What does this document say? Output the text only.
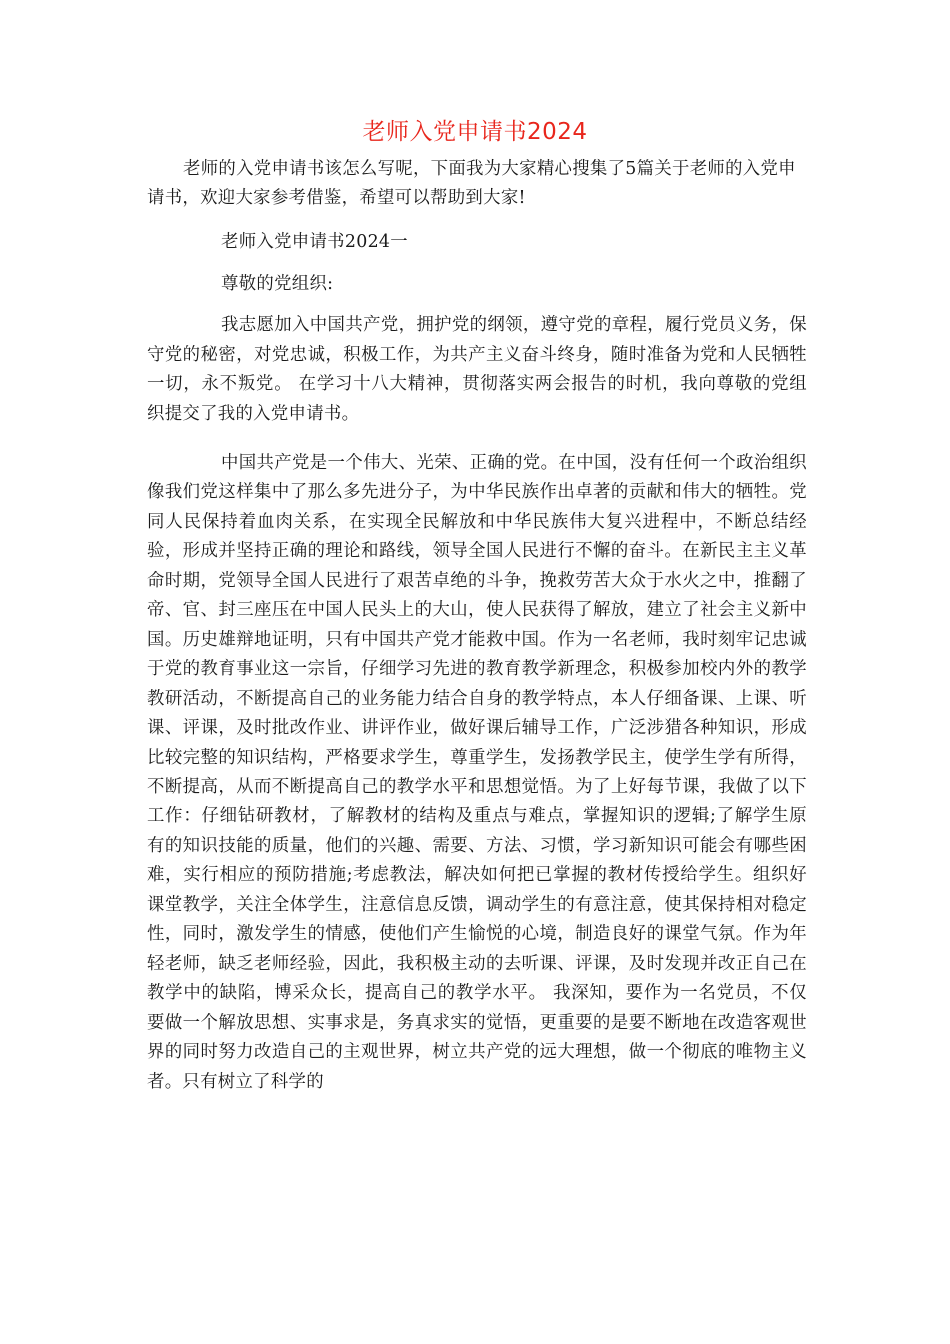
老师入党申请书2024
老师的入党申请书该怎么写呢，下面我为大家精心搜集了5篇关于老师的入党申请书，欢迎大家参考借鉴，希望可以帮助到大家!
老师入党申请书2024一
尊敬的党组织:
我志愿加入中国共产党，拥护党的纲领，遵守党的章程，履行党员义务，保守党的秘密，对党忠诚，积极工作，为共产主义奋斗终身，随时准备为党和人民牺牲一切，永不叛党。 在学习十八大精神，贯彻落实两会报告的时机，我向尊敬的党组织提交了我的入党申请书。
中国共产党是一个伟大、光荣、正确的党。在中国，没有任何一个政治组织像我们党这样集中了那么多先进分子，为中华民族作出卓著的贡献和伟大的牺牲。党同人民保持着血肉关系，在实现全民解放和中华民族伟大复兴进程中，不断总结经验，形成并坚持正确的理论和路线，领导全国人民进行不懈的奋斗。在新民主主义革命时期，党领导全国人民进行了艰苦卓绝的斗争，挽救劳苦大众于水火之中，推翻了帝、官、封三座压在中国人民头上的大山，使人民获得了解放，建立了社会主义新中国。历史雄辩地证明，只有中国共产党才能救中国。作为一名老师，我时刻牢记忠诚于党的教育事业这一宗旨，仔细学习先进的教育教学新理念，积极参加校内外的教学教研活动，不断提高自己的业务能力结合自身的教学特点，本人仔细备课、上课、听课、评课，及时批改作业、讲评作业，做好课后辅导工作，广泛涉猎各种知识，形成比较完整的知识结构，严格要求学生，尊重学生，发扬教学民主，使学生学有所得，不断提高，从而不断提高自己的教学水平和思想觉悟。为了上好每节课，我做了以下工作：仔细钻研教材，了解教材的结构及重点与难点，掌握知识的逻辑;了解学生原有的知识技能的质量，他们的兴趣、需要、方法、习惯，学习新知识可能会有哪些困难，实行相应的预防措施;考虑教法，解决如何把已掌握的教材传授给学生。组织好课堂教学，关注全体学生，注意信息反馈，调动学生的有意注意，使其保持相对稳定性，同时，激发学生的情感，使他们产生愉悦的心境，制造良好的课堂气氛。作为年轻老师，缺乏老师经验，因此，我积极主动的去听课、评课，及时发现并改正自己在教学中的缺陷，博采众长，提高自己的教学水平。 我深知，要作为一名党员，不仅要做一个解放思想、实事求是，务真求实的觉悟，更重要的是要不断地在改造客观世界的同时努力改造自己的主观世界，树立共产党的远大理想，做一个彻底的唯物主义者。只有树立了科学的
